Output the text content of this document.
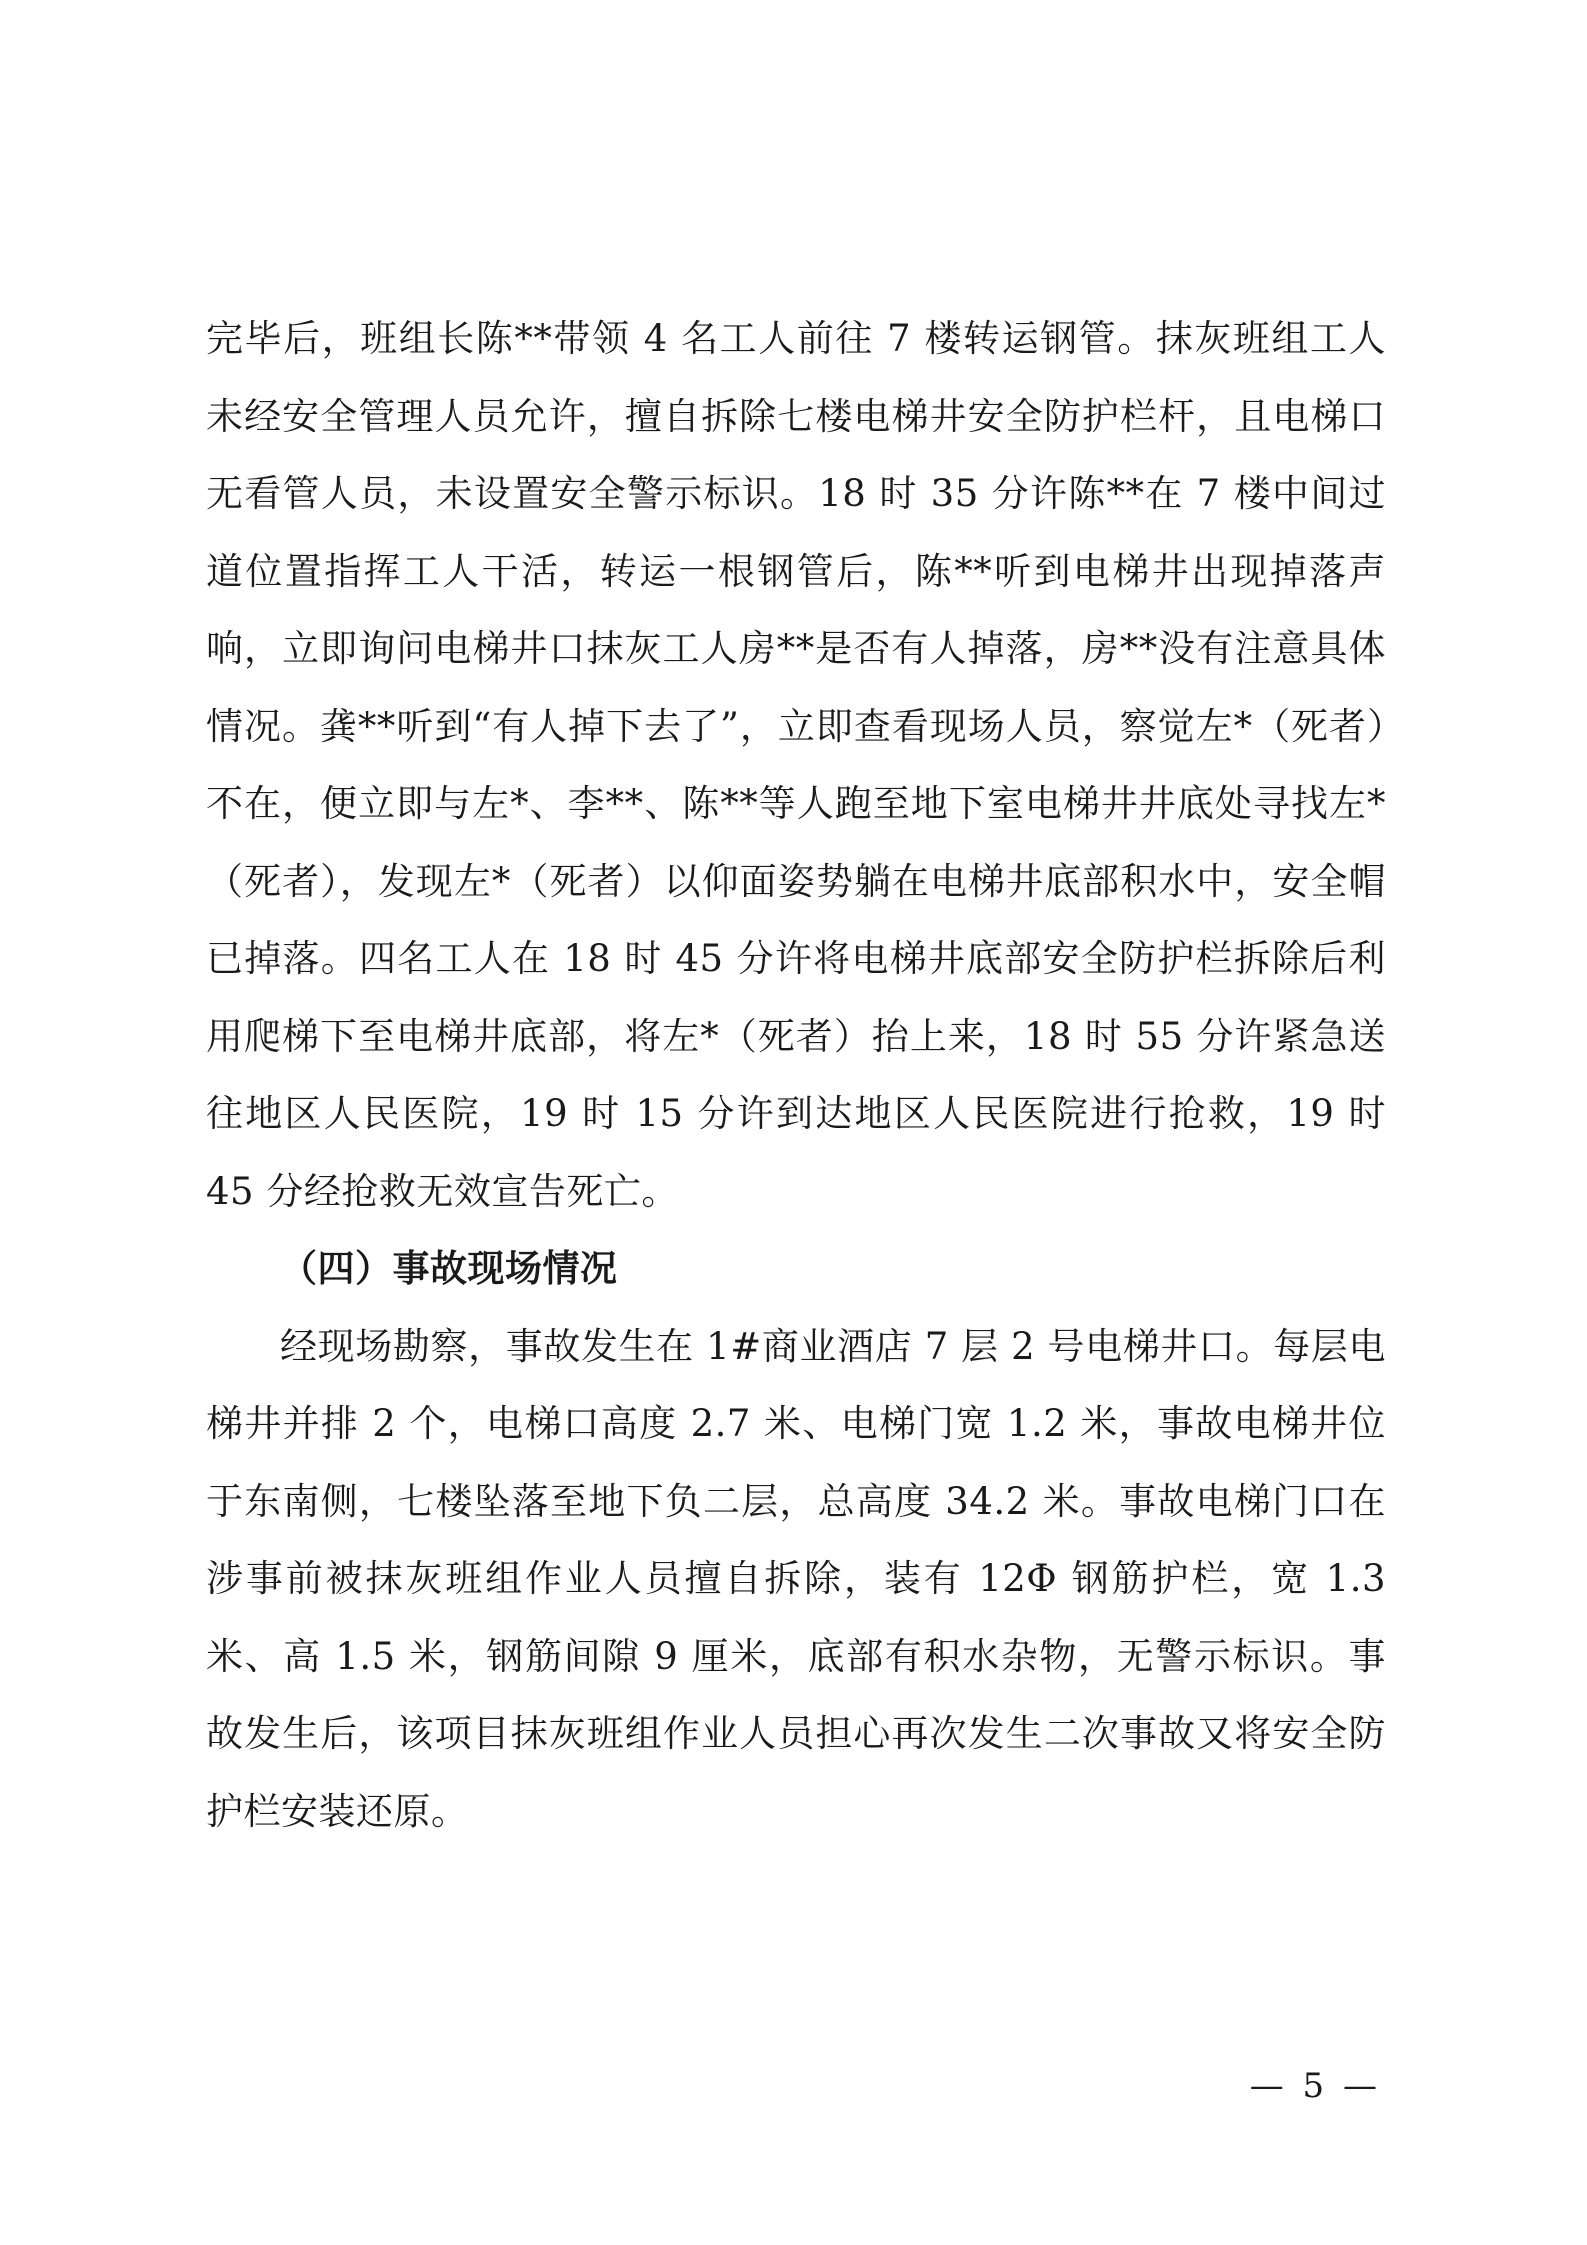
完毕后，班组长陈**带领 4 名工人前往 7 楼转运钢管。抹灰班组工人未经安全管理人员允许，擅自拆除七楼电梯井安全防护栏杆，且电梯口无看管人员，未设置安全警示标识。18 时 35 分许陈**在 7 楼中间过道位置指挥工人干活，转运一根钢管后，陈**听到电梯井出现掉落声响，立即询问电梯井口抹灰工人房**是否有人掉落，房**没有注意具体情况。龚**听到“有人掉下去了”，立即查看现场人员，察觉左*（死者）不在，便立即与左*、李**、陈**等人跑至地下室电梯井井底处寻找左*（死者），发现左*（死者）以仰面姿势躺在电梯井底部积水中，安全帽已掉落。四名工人在 18 时 45 分许将电梯井底部安全防护栏拆除后利用爬梯下至电梯井底部，将左*（死者）抬上来，18 时 55 分许紧急送往地区人民医院，19 时 15 分许到达地区人民医院进行抢救，19 时 45 分经抢救无效宣告死亡。

（四）事故现场情况

经现场勘察，事故发生在 1#商业酒店 7 层 2 号电梯井口。每层电梯井并排 2 个，电梯口高度 2.7 米、电梯门宽 1.2 米，事故电梯井位于东南侧，七楼坠落至地下负二层，总高度 34.2 米。事故电梯门口在涉事前被抹灰班组作业人员擅自拆除，装有 12Φ 钢筋护栏，宽 1.3 米、高 1.5 米，钢筋间隙 9 厘米，底部有积水杂物，无警示标识。事故发生后，该项目抹灰班组作业人员担心再次发生二次事故又将安全防护栏安装还原。

— 5 —
